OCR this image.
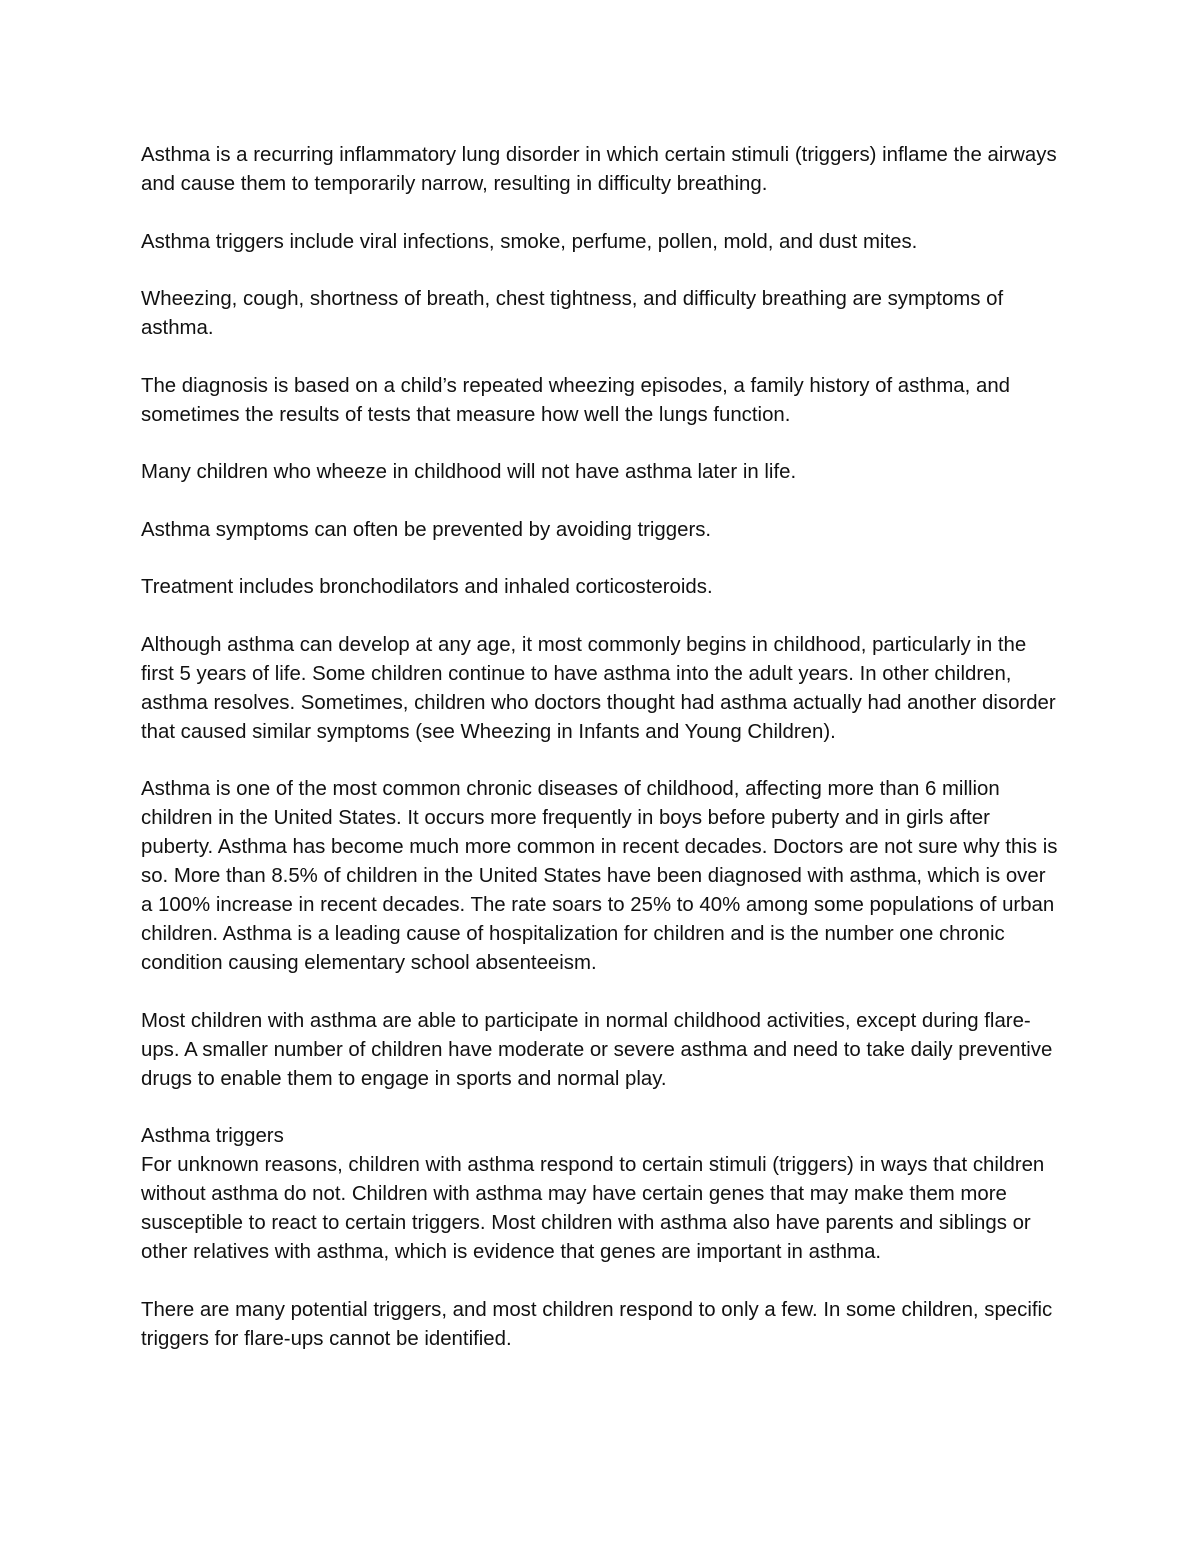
Asthma is a recurring inflammatory lung disorder in which certain stimuli (triggers) inflame the airways and cause them to temporarily narrow, resulting in difficulty breathing.

Asthma triggers include viral infections, smoke, perfume, pollen, mold, and dust mites.

Wheezing, cough, shortness of breath, chest tightness, and difficulty breathing are symptoms of asthma.

The diagnosis is based on a child’s repeated wheezing episodes, a family history of asthma, and sometimes the results of tests that measure how well the lungs function.

Many children who wheeze in childhood will not have asthma later in life.

Asthma symptoms can often be prevented by avoiding triggers.

Treatment includes bronchodilators and inhaled corticosteroids.

Although asthma can develop at any age, it most commonly begins in childhood, particularly in the first 5 years of life. Some children continue to have asthma into the adult years. In other children, asthma resolves. Sometimes, children who doctors thought had asthma actually had another disorder that caused similar symptoms (see Wheezing in Infants and Young Children).

Asthma is one of the most common chronic diseases of childhood, affecting more than 6 million children in the United States. It occurs more frequently in boys before puberty and in girls after puberty. Asthma has become much more common in recent decades. Doctors are not sure why this is so. More than 8.5% of children in the United States have been diagnosed with asthma, which is over a 100% increase in recent decades. The rate soars to 25% to 40% among some populations of urban children. Asthma is a leading cause of hospitalization for children and is the number one chronic condition causing elementary school absenteeism.

Most children with asthma are able to participate in normal childhood activities, except during flare-ups. A smaller number of children have moderate or severe asthma and need to take daily preventive drugs to enable them to engage in sports and normal play.

Asthma triggers
For unknown reasons, children with asthma respond to certain stimuli (triggers) in ways that children without asthma do not. Children with asthma may have certain genes that may make them more susceptible to react to certain triggers. Most children with asthma also have parents and siblings or other relatives with asthma, which is evidence that genes are important in asthma.

There are many potential triggers, and most children respond to only a few. In some children, specific triggers for flare-ups cannot be identified.
